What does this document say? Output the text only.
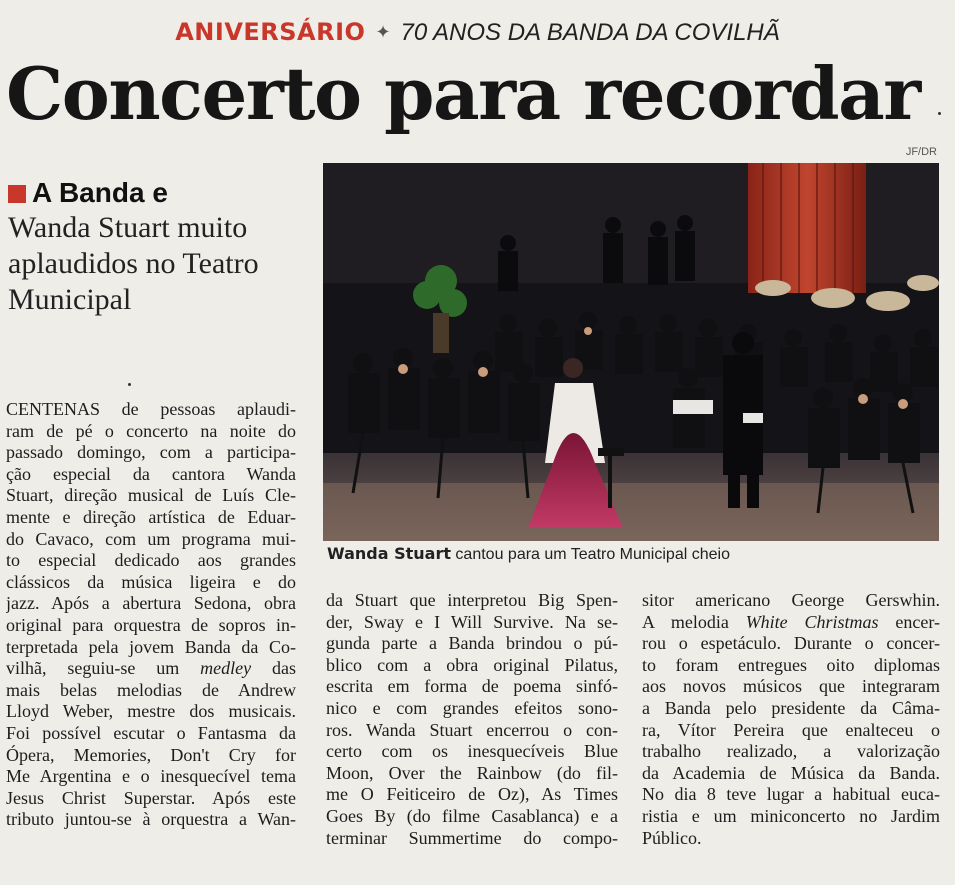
ANIVERSÁRIO ✦ 70 ANOS DA BANDA DA COVILHÃ
Concerto para recordar
JF/DR
A Banda e
Wanda Stuart muito aplaudidos no Teatro Municipal
Wanda Stuart cantou para um Teatro Municipal cheio
CENTENAS de pessoas aplaudi-
ram de pé o concerto na noite do
passado domingo, com a participa-
ção especial da cantora Wanda
Stuart, direção musical de Luís Cle-
mente e direção artística de Eduar-
do Cavaco, com um programa mui-
to especial dedicado aos grandes
clássicos da música ligeira e do
jazz. Após a abertura Sedona, obra
original para orquestra de sopros in-
terpretada pela jovem Banda da Co-
vilhã, seguiu-se um medley das
mais belas melodias de Andrew
Lloyd Weber, mestre dos musicais.
Foi possível escutar o Fantasma da
Ópera, Memories, Don't Cry for
Me Argentina e o inesquecível tema
Jesus Christ Superstar. Após este
tributo juntou-se à orquestra a Wan-
da Stuart que interpretou Big Spen-
der, Sway e I Will Survive. Na se-
gunda parte a Banda brindou o pú-
blico com a obra original Pilatus,
escrita em forma de poema sinfó-
nico e com grandes efeitos sono-
ros. Wanda Stuart encerrou o con-
certo com os inesquecíveis Blue
Moon, Over the Rainbow (do fil-
me O Feiticeiro de Oz), As Times
Goes By (do filme Casablanca) e a
terminar Summertime do compo-
sitor americano George Gerswhin.
A melodia White Christmas encer-
rou o espetáculo. Durante o concer-
to foram entregues oito diplomas
aos novos músicos que integraram
a Banda pelo presidente da Câma-
ra, Vítor Pereira que enalteceu o
trabalho realizado, a valorização
da Academia de Música da Banda.
No dia 8 teve lugar a habitual euca-
ristia e um miniconcerto no Jardim
Público.
